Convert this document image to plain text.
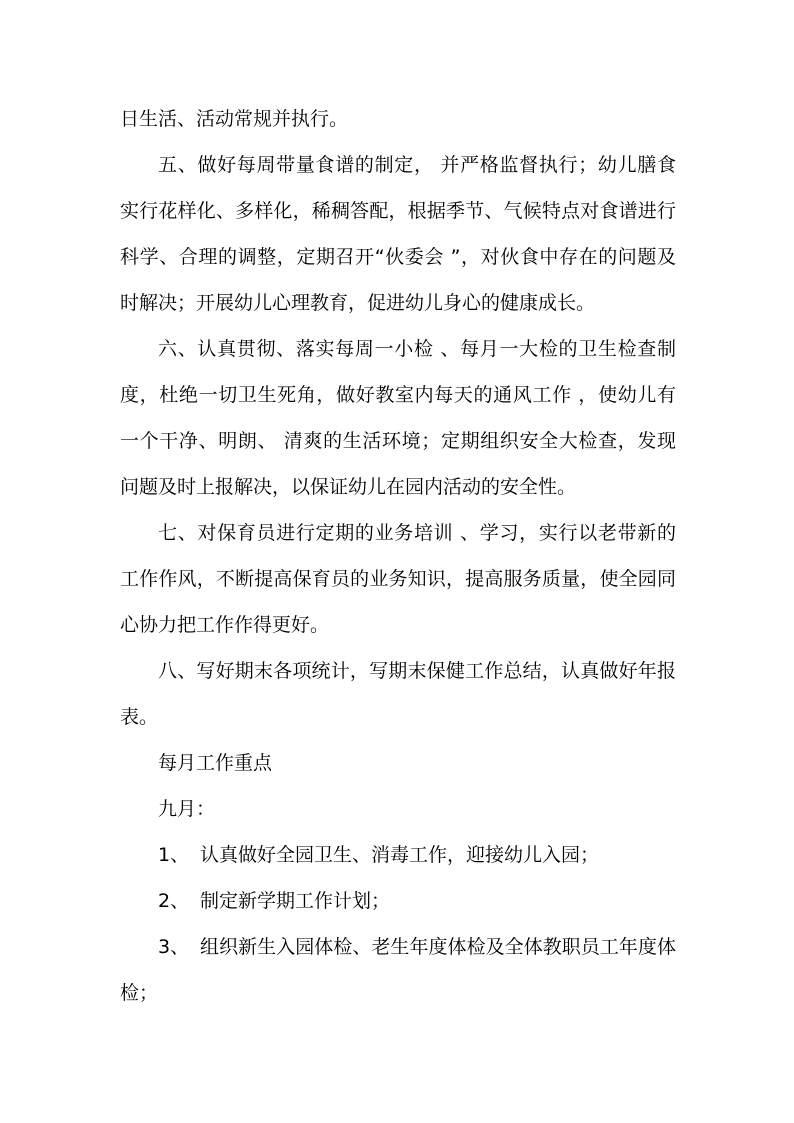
日生活、活动常规并执行。

五、做好每周带量食谱的制定， 并严格监督执行；幼儿膳食实行花样化、多样化，稀稠答配，根据季节、气候特点对食谱进行科学、合理的调整，定期召开“伙委会 ”，对伙食中存在的问题及时解决；开展幼儿心理教育，促进幼儿身心的健康成长。

六、认真贯彻、落实每周一小检 、每月一大检的卫生检查制度，杜绝一切卫生死角，做好教室内每天的通风工作 ，使幼儿有一个干净、明朗、 清爽的生活环境；定期组织安全大检查，发现问题及时上报解决，以保证幼儿在园内活动的安全性。

七、对保育员进行定期的业务培训 、学习，实行以老带新的工作作风，不断提高保育员的业务知识，提高服务质量，使全园同心协力把工作作得更好。

八、写好期末各项统计，写期末保健工作总结，认真做好年报表。

每月工作重点

九月：

1、 认真做好全园卫生、消毒工作，迎接幼儿入园；

2、 制定新学期工作计划；

3、 组织新生入园体检、老生年度体检及全体教职员工年度体检；
